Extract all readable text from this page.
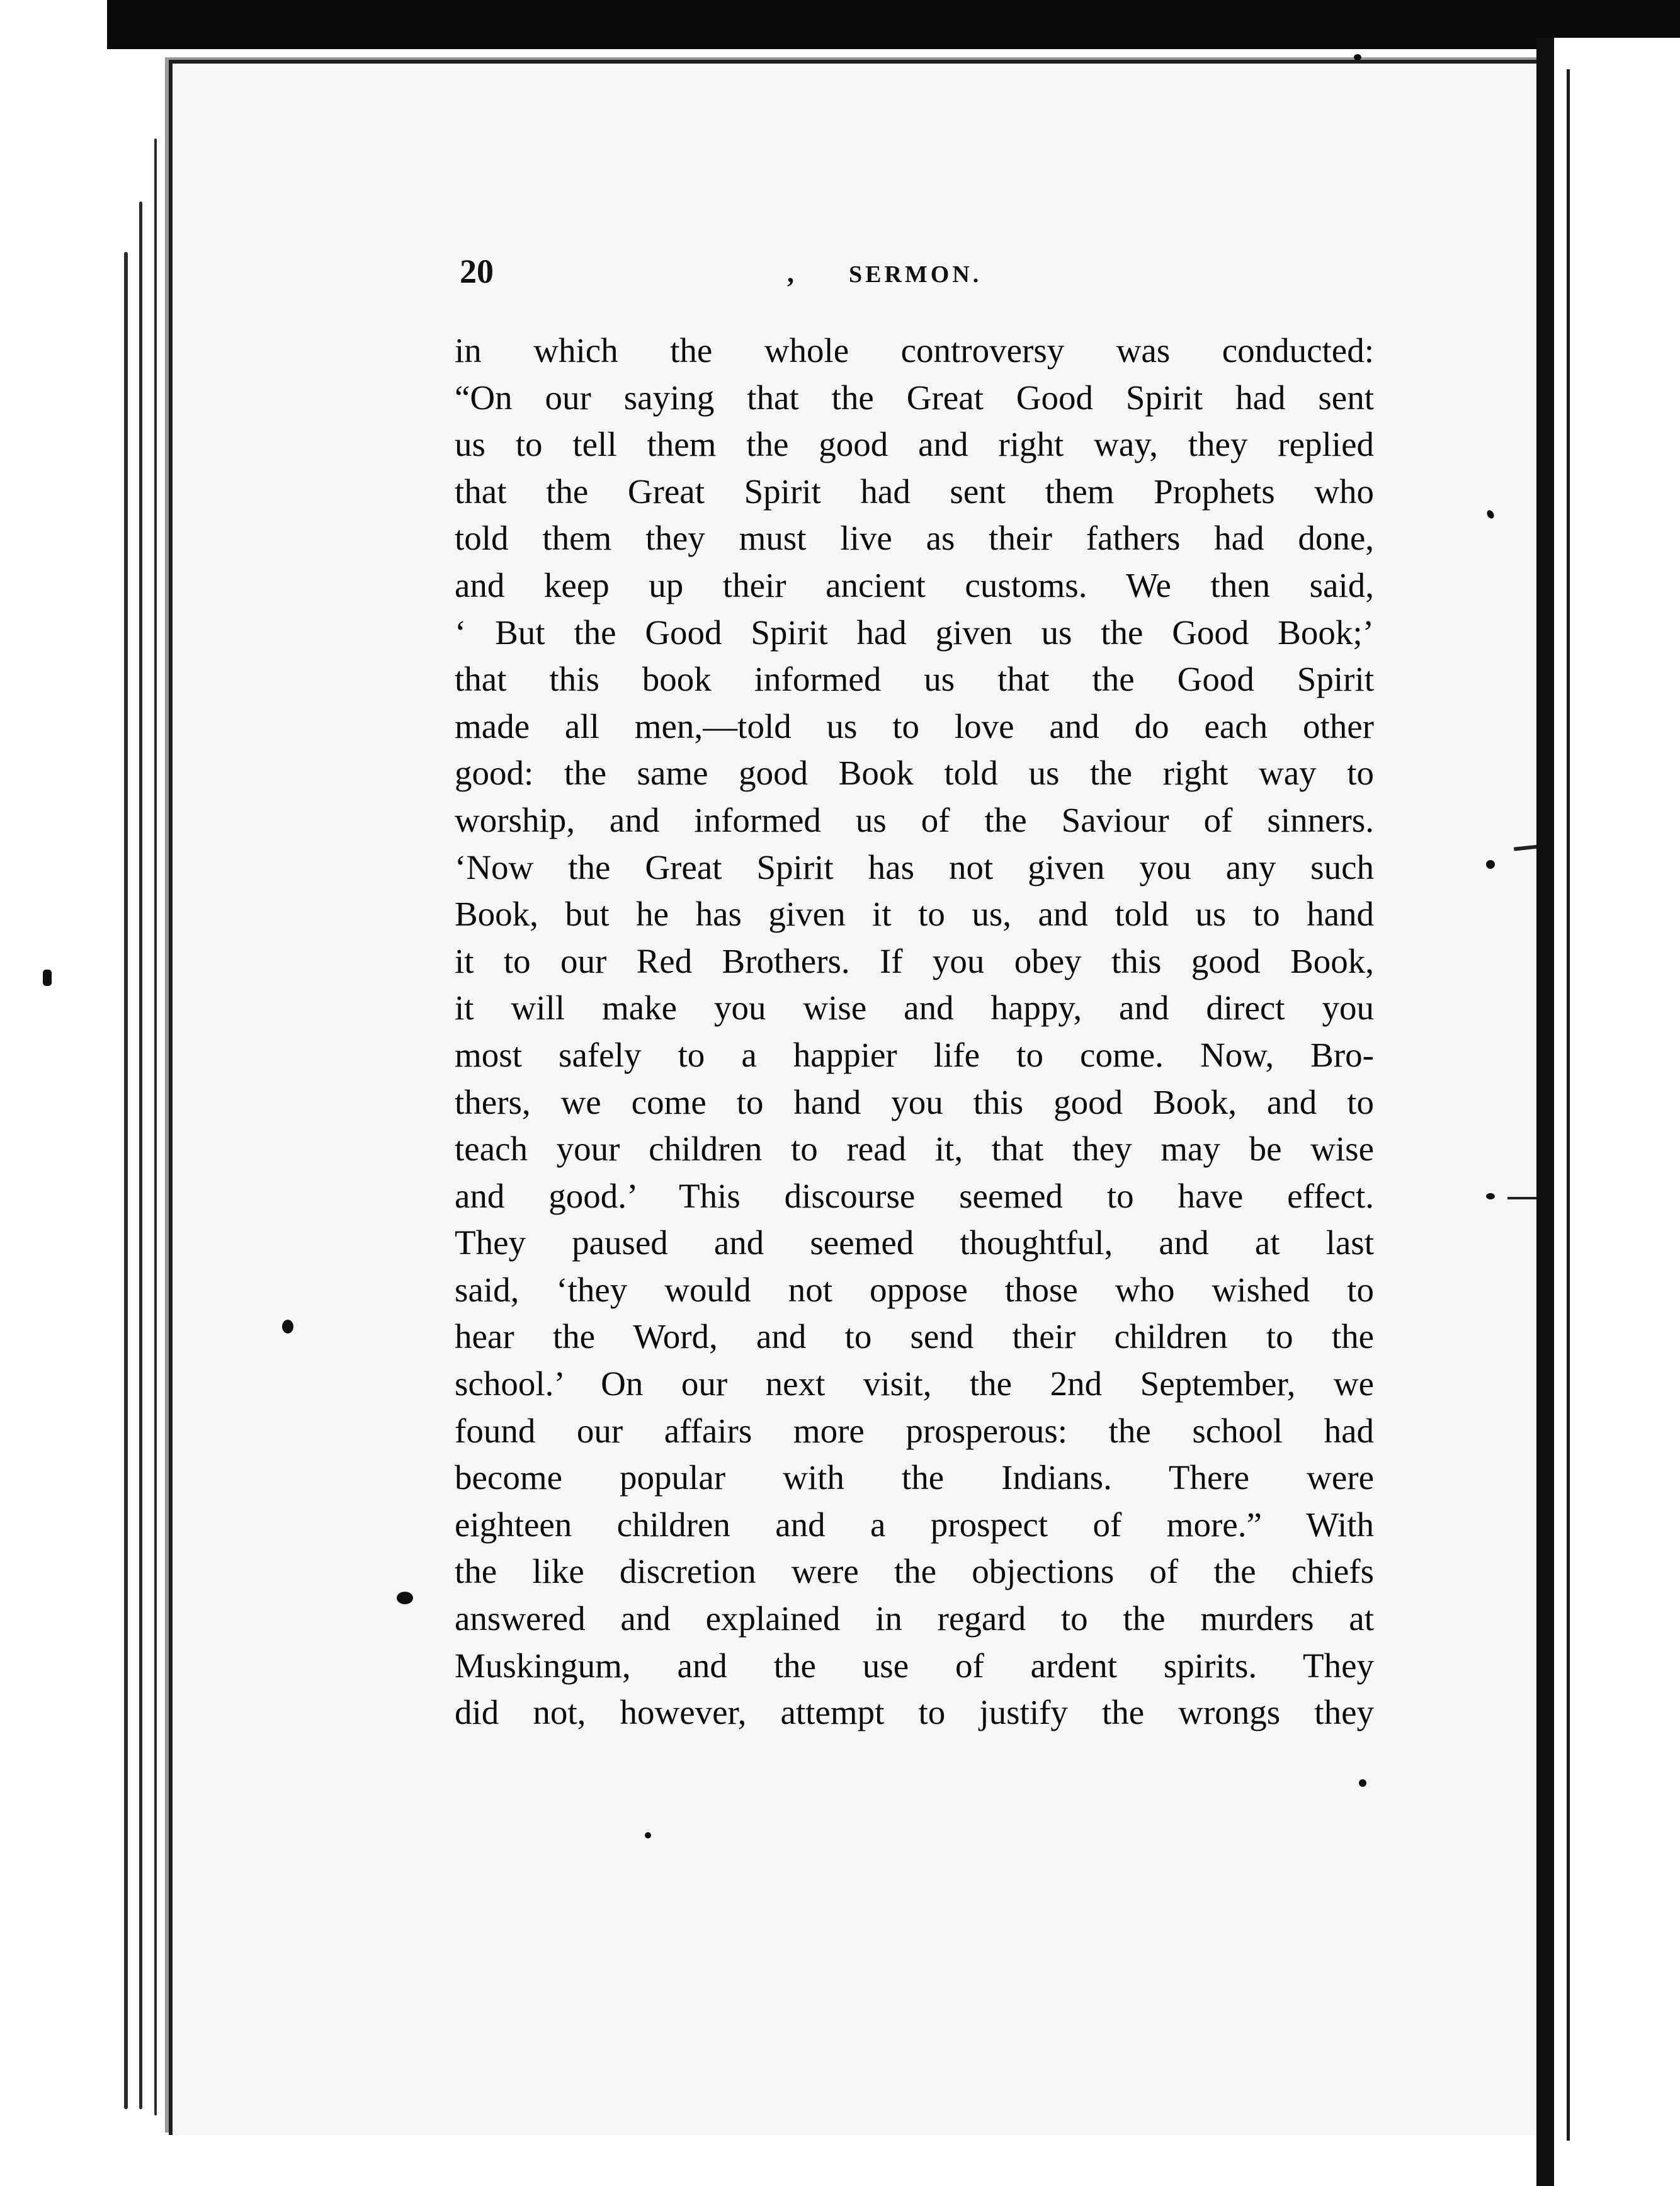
20	, SERMON.
in which the whole controversy was conducted:
“On our saying that the Great Good Spirit had sent
us to tell them the good and right way, they replied
that the Great Spirit had sent them Prophets who
told them they must live as their fathers had done,
and keep up their ancient customs. We then said,
‘ But the Good Spirit had given us the Good Book;’
that this book informed us that the Good Spirit
made all men,—told us to love and do each other
good: the same good Book told us the right way to
worship, and informed us of the Saviour of sinners.
‘Now the Great Spirit has not given you any such
Book, but he has given it to us, and told us to hand
it to our Red Brothers. If you obey this good Book,
it will make you wise and happy, and direct you
most safely to a happier life to come. Now, Bro-
thers, we come to hand you this good Book, and to
teach your children to read it, that they may be wise
and good.’ This discourse seemed to have effect.
They paused and seemed thoughtful, and at last
said, ‘they would not oppose those who wished to
hear the Word, and to send their children to the
school.’ On our next visit, the 2nd September, we
found our affairs more prosperous: the school had
become popular with the Indians. There were
eighteen children and a prospect of more.” With
the like discretion were the objections of the chiefs
answered and explained in regard to the murders at
Muskingum, and the use of ardent spirits. They
did not, however, attempt to justify the wrongs they
